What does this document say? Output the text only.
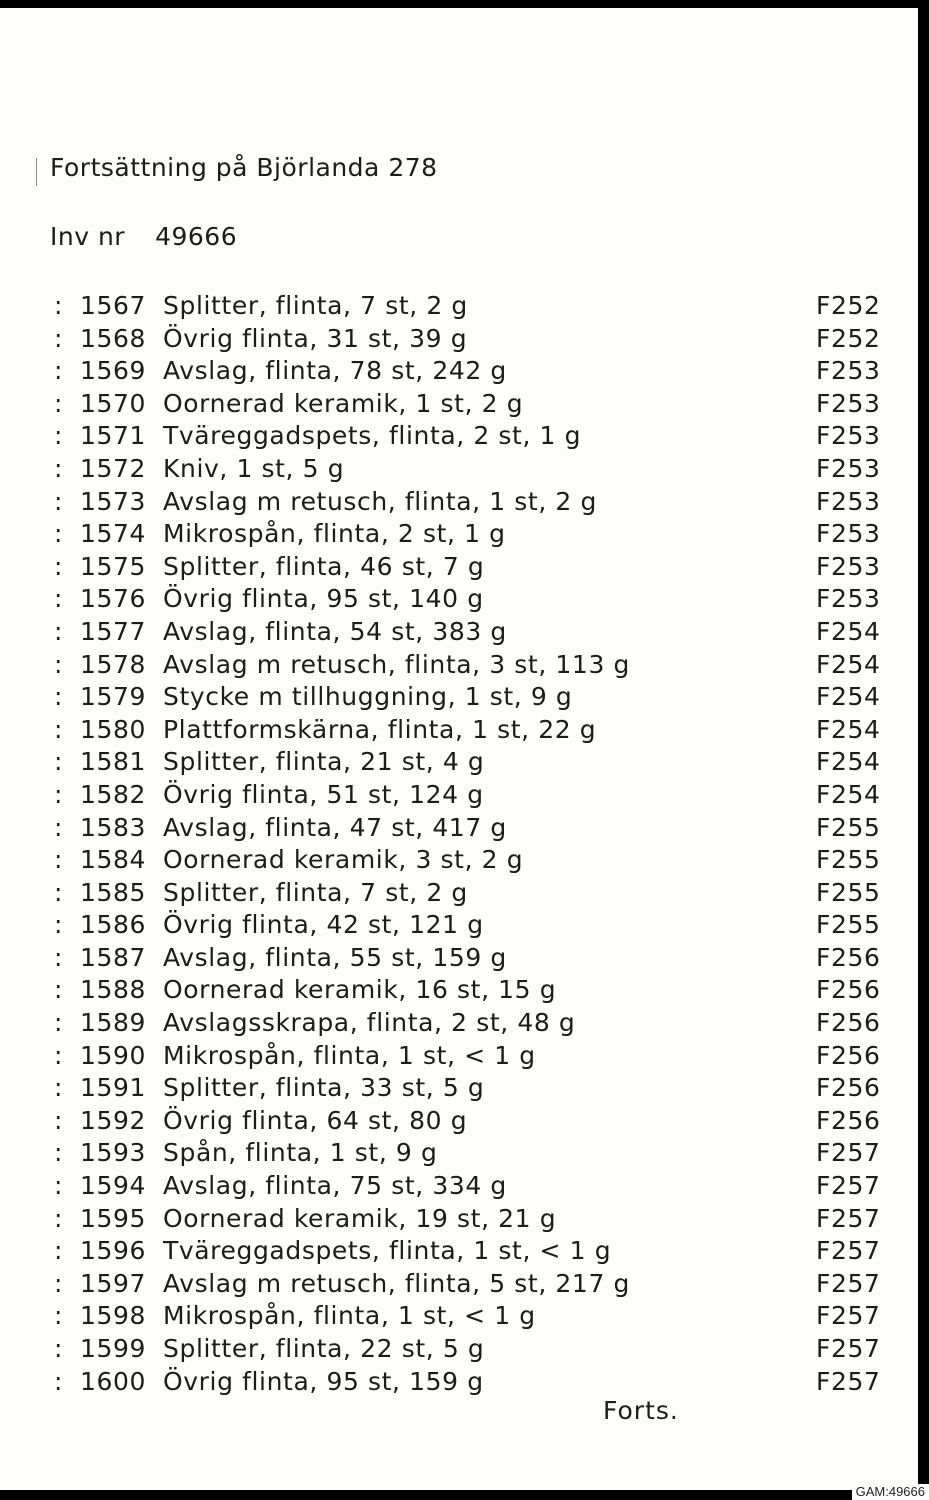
Fortsättning på Björlanda 278
Inv nr 49666
: 1567 Splitter, flinta, 7 st, 2 g	F252
: 1568 Övrig flinta, 31 st, 39 g	F252
: 1569 Avslag, flinta, 78 st, 242 g	F253
: 1570 Oornerad keramik, 1 st, 2 g	F253
: 1571 Tväreggadspets, flinta, 2 st, 1 g	F253
: 1572 Kniv, 1 st, 5 g	F253
: 1573 Avslag m retusch, flinta, 1 st, 2 g	F253
: 1574 Mikrospån, flinta, 2 st, 1 g	F253
: 1575 Splitter, flinta, 46 st, 7 g	F253
: 1576 Övrig flinta, 95 st, 140 g	F253
: 1577 Avslag, flinta, 54 st, 383 g	F254
: 1578 Avslag m retusch, flinta, 3 st, 113 g	F254
: 1579 Stycke m tillhuggning, 1 st, 9 g	F254
: 1580 Plattformskärna, flinta, 1 st, 22 g	F254
: 1581 Splitter, flinta, 21 st, 4 g	F254
: 1582 Övrig flinta, 51 st, 124 g	F254
: 1583 Avslag, flinta, 47 st, 417 g	F255
: 1584 Oornerad keramik, 3 st, 2 g	F255
: 1585 Splitter, flinta, 7 st, 2 g	F255
: 1586 Övrig flinta, 42 st, 121 g	F255
: 1587 Avslag, flinta, 55 st, 159 g	F256
: 1588 Oornerad keramik, 16 st, 15 g	F256
: 1589 Avslagsskrapa, flinta, 2 st, 48 g	F256
: 1590 Mikrospån, flinta, 1 st, < 1 g	F256
: 1591 Splitter, flinta, 33 st, 5 g	F256
: 1592 Övrig flinta, 64 st, 80 g	F256
: 1593 Spån, flinta, 1 st, 9 g	F257
: 1594 Avslag, flinta, 75 st, 334 g	F257
: 1595 Oornerad keramik, 19 st, 21 g	F257
: 1596 Tväreggadspets, flinta, 1 st, < 1 g	F257
: 1597 Avslag m retusch, flinta, 5 st, 217 g	F257
: 1598 Mikrospån, flinta, 1 st, < 1 g	F257
: 1599 Splitter, flinta, 22 st, 5 g	F257
: 1600 Övrig flinta, 95 st, 159 g	F257
Forts.
GAM:49666
